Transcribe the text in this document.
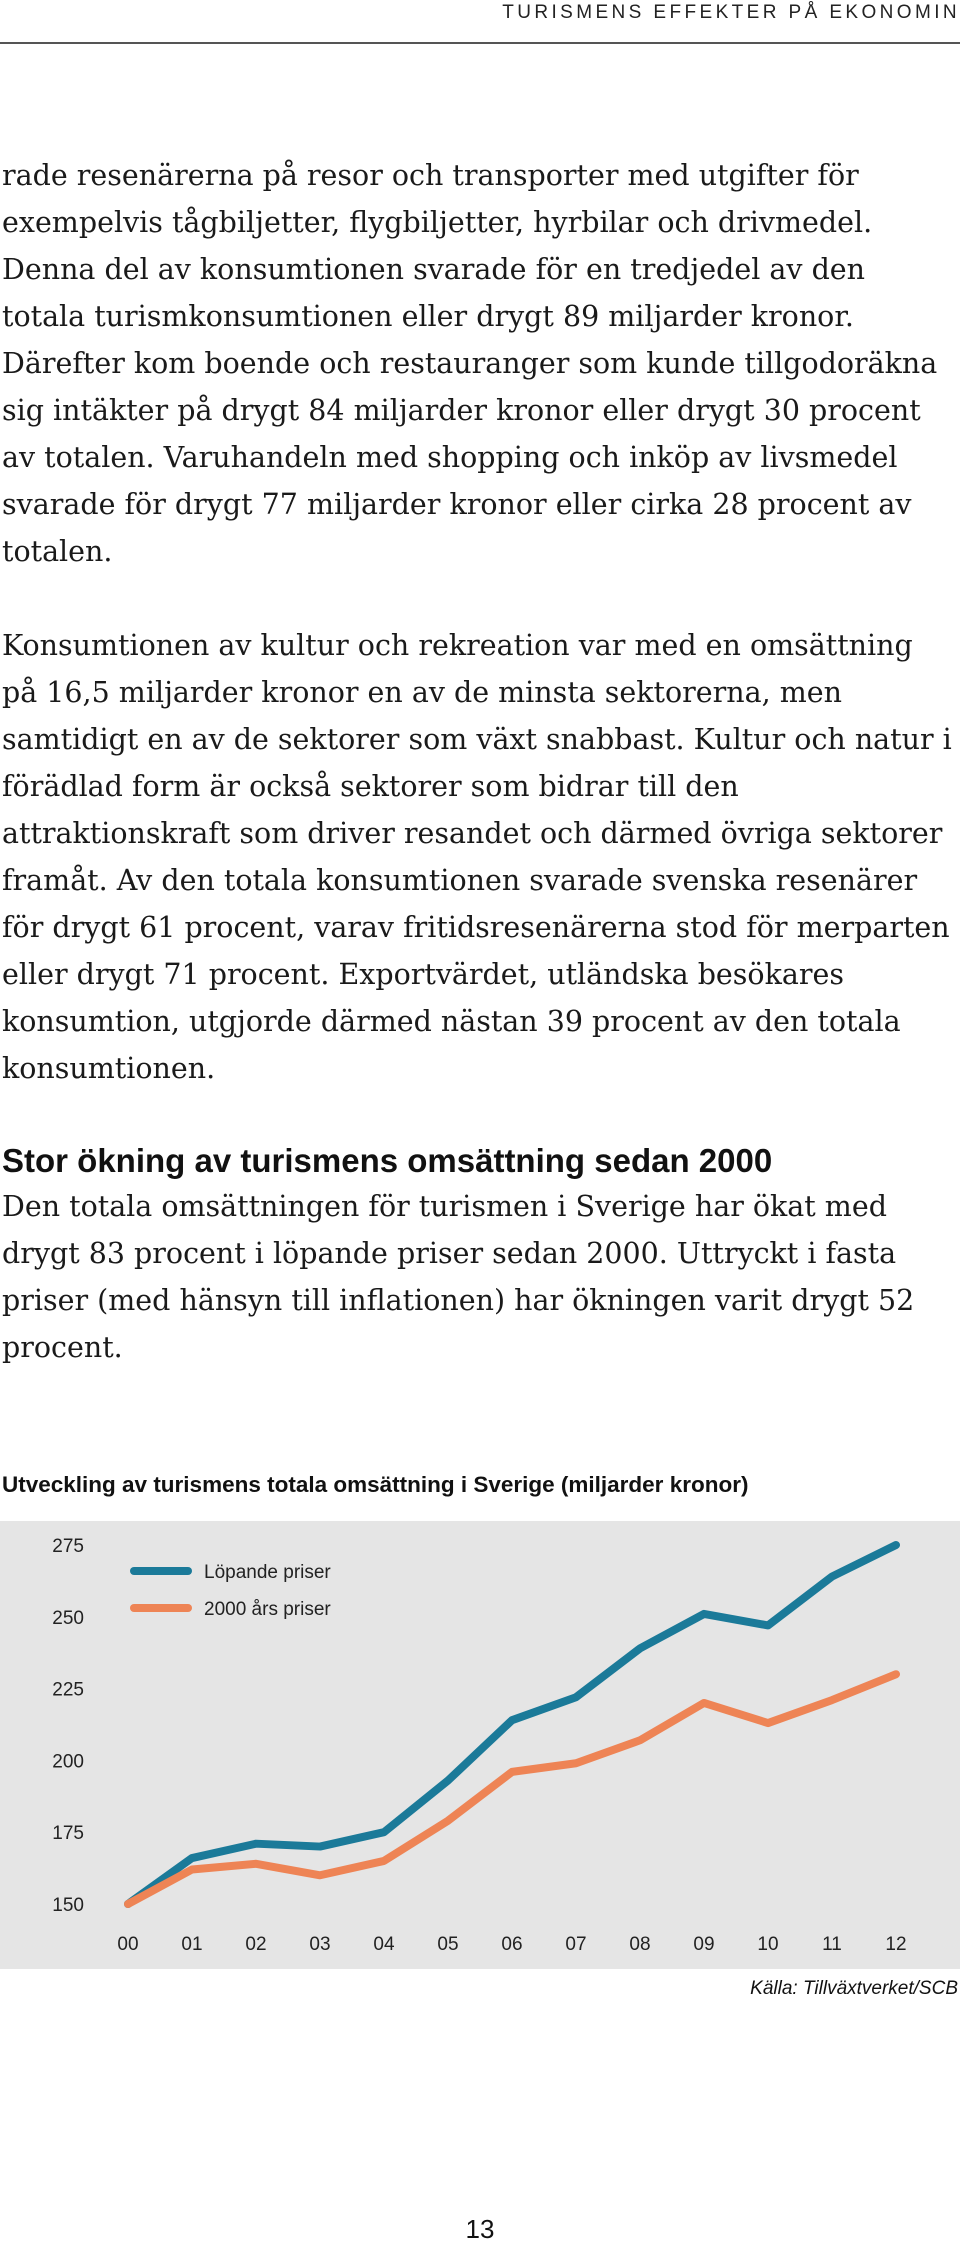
TURISMENS EFFEKTER PÅ EKONOMIN

rade resenärerna på resor och transporter med utgifter för exempelvis tågbiljetter, flygbiljetter, hyrbilar och drivmedel. Denna del av konsumtionen svarade för en tredjedel av den totala turismkonsumtionen eller drygt 89 miljarder kronor. Därefter kom boende och restauranger som kunde tillgodoräkna sig intäkter på drygt 84 miljarder kronor eller drygt 30 procent av totalen. Varuhandeln med shopping och inköp av livsmedel svarade för drygt 77 miljarder kronor eller cirka 28 procent av totalen.

Konsumtionen av kultur och rekreation var med en omsättning på 16,5 miljarder kronor en av de minsta sektorerna, men samtidigt en av de sektorer som växt snabbast. Kultur och natur i förädlad form är också sektorer som bidrar till den attraktionskraft som driver resandet och därmed övriga sektorer framåt. Av den totala konsumtionen svarade svenska resenärer för drygt 61 procent, varav fritidsresenärerna stod för merparten eller drygt 71 procent. Exportvärdet, utländska besökares konsumtion, utgjorde därmed nästan 39 procent av den totala konsumtionen.

Stor ökning av turismens omsättning sedan 2000

Den totala omsättningen för turismen i Sverige har ökat med drygt 83 procent i löpande priser sedan 2000. Uttryckt i fasta priser (med hänsyn till inflationen) har ökningen varit drygt 52 procent.

Utveckling av turismens totala omsättning i Sverige (miljarder kronor)
150
175
200
225
250
275
00 01 02 03 04 05 06 07 08 09 10 11 12
Löpande priser
2000 års priser
Källa: Tillväxtverket/SCB
13
